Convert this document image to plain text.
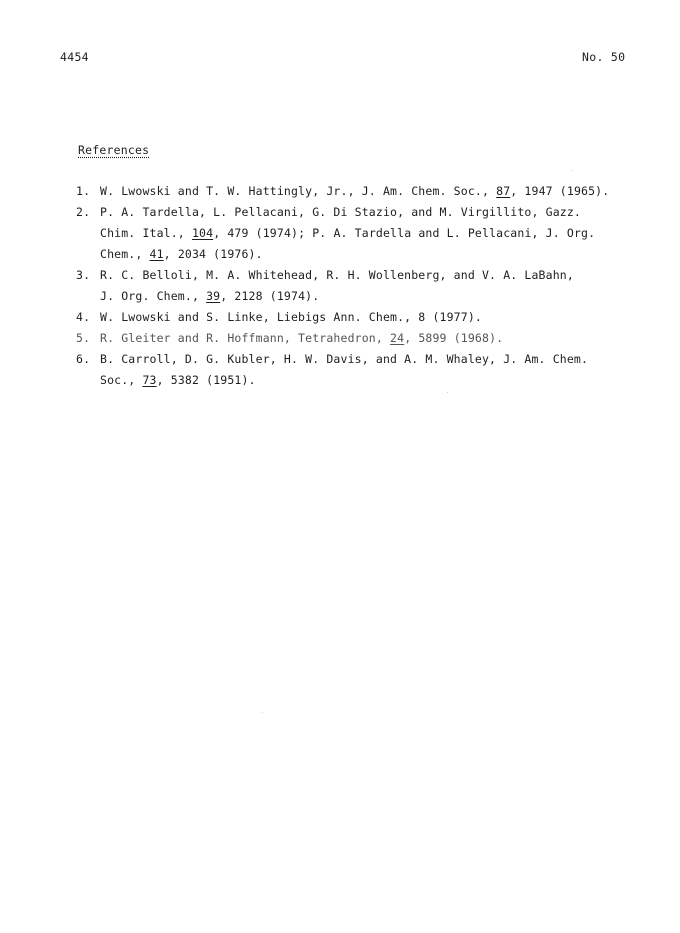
4454	No. 50
References
1. W. Lwowski and T. W. Hattingly, Jr., J. Am. Chem. Soc., 87, 1947 (1965).
2. P. A. Tardella, L. Pellacani, G. Di Stazio, and M. Virgillito, Gazz.
Chim. Ital., 104, 479 (1974); P. A. Tardella and L. Pellacani, J. Org.
Chem., 41, 2034 (1976).
3. R. C. Belloli, M. A. Whitehead, R. H. Wollenberg, and V. A. LaBahn,
J. Org. Chem., 39, 2128 (1974).
4. W. Lwowski and S. Linke, Liebigs Ann. Chem., 8 (1977).
5. R. Gleiter and R. Hoffmann, Tetrahedron, 24, 5899 (1968).
6. B. Carroll, D. G. Kubler, H. W. Davis, and A. M. Whaley, J. Am. Chem.
Soc., 73, 5382 (1951).
